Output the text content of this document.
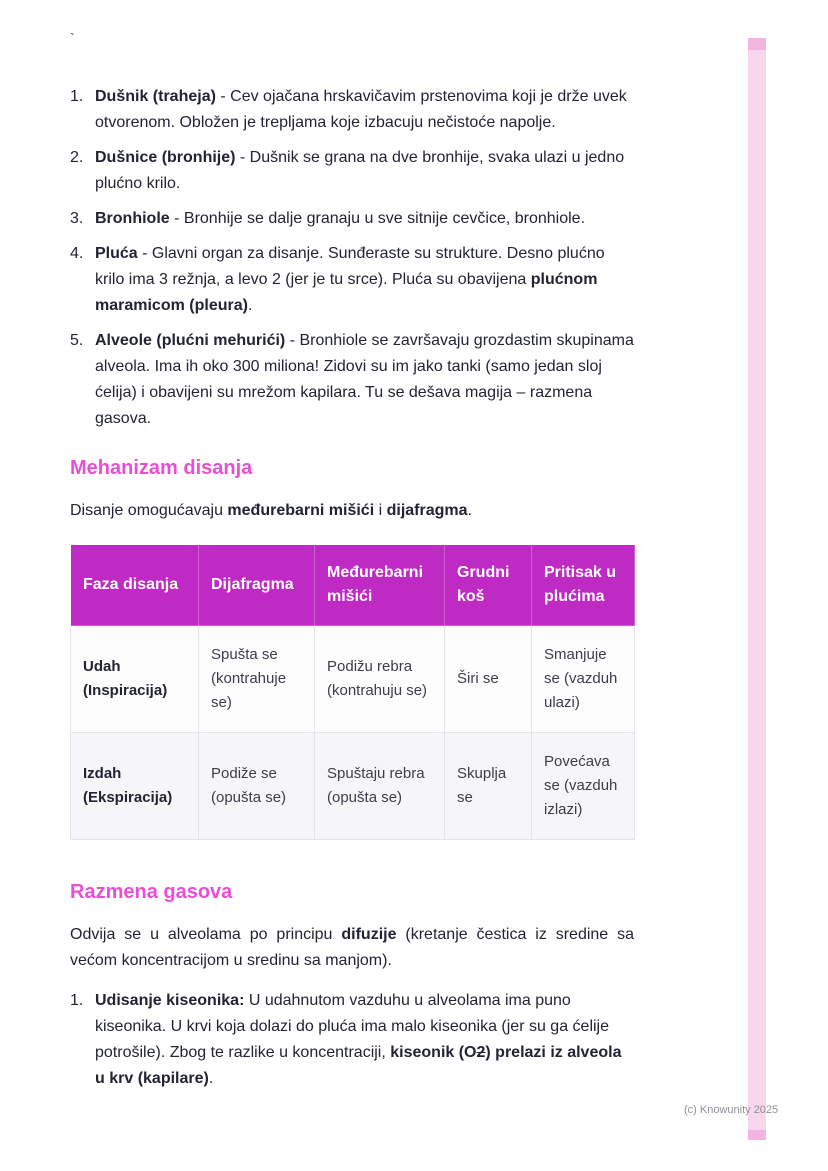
`
1. Dušnik (traheja) - Cev ojačana hrskavičavim prstenovima koji je drže uvek otvorenom. Obložen je trepljama koje izbacuju nečistoće napolje.
2. Dušnice (bronhije) - Dušnik se grana na dve bronhije, svaka ulazi u jedno plućno krilo.
3. Bronhiole - Bronhije se dalje granaju u sve sitnije cevčice, bronhiole.
4. Pluća - Glavni organ za disanje. Sunđeraste su strukture. Desno plućno krilo ima 3 režnja, a levo 2 (jer je tu srce). Pluća su obavijena plućnom maramicom (pleura).
5. Alveole (plućni mehurići) - Bronhiole se završavaju grozdastim skupinama alveola. Ima ih oko 300 miliona! Zidovi su im jako tanki (samo jedan sloj ćelija) i obavijeni su mrežom kapilara. Tu se dešava magija – razmena gasova.
Mehanizam disanja

Disanje omogućavaju međurebarni mišići i dijafragma.

Faza disanja	Dijafragma	Međurebarni mišići	Grudni koš	Pritisak u plućima
Udah (Inspiracija)	Spušta se (kontrahuje se)	Podižu rebra (kontrahuju se)	Širi se	Smanjuje se (vazduh ulazi)
Izdah (Ekspiracija)	Podiže se (opušta se)	Spuštaju rebra (opušta se)	Skuplja se	Povećava se (vazduh izlazi)
Razmena gasova

Odvija se u alveolama po principu difuzije (kretanje čestica iz sredine sa većom koncentracijom u sredinu sa manjom).

1. Udisanje kiseonika: U udahnutom vazduhu u alveolama ima puno kiseonika. U krvi koja dolazi do pluća ima malo kiseonika (jer su ga ćelije potrošile). Zbog te razlike u koncentraciji, kiseonik (O2) prelazi iz alveola u krv (kapilare).
(c) Knowunity 2025
